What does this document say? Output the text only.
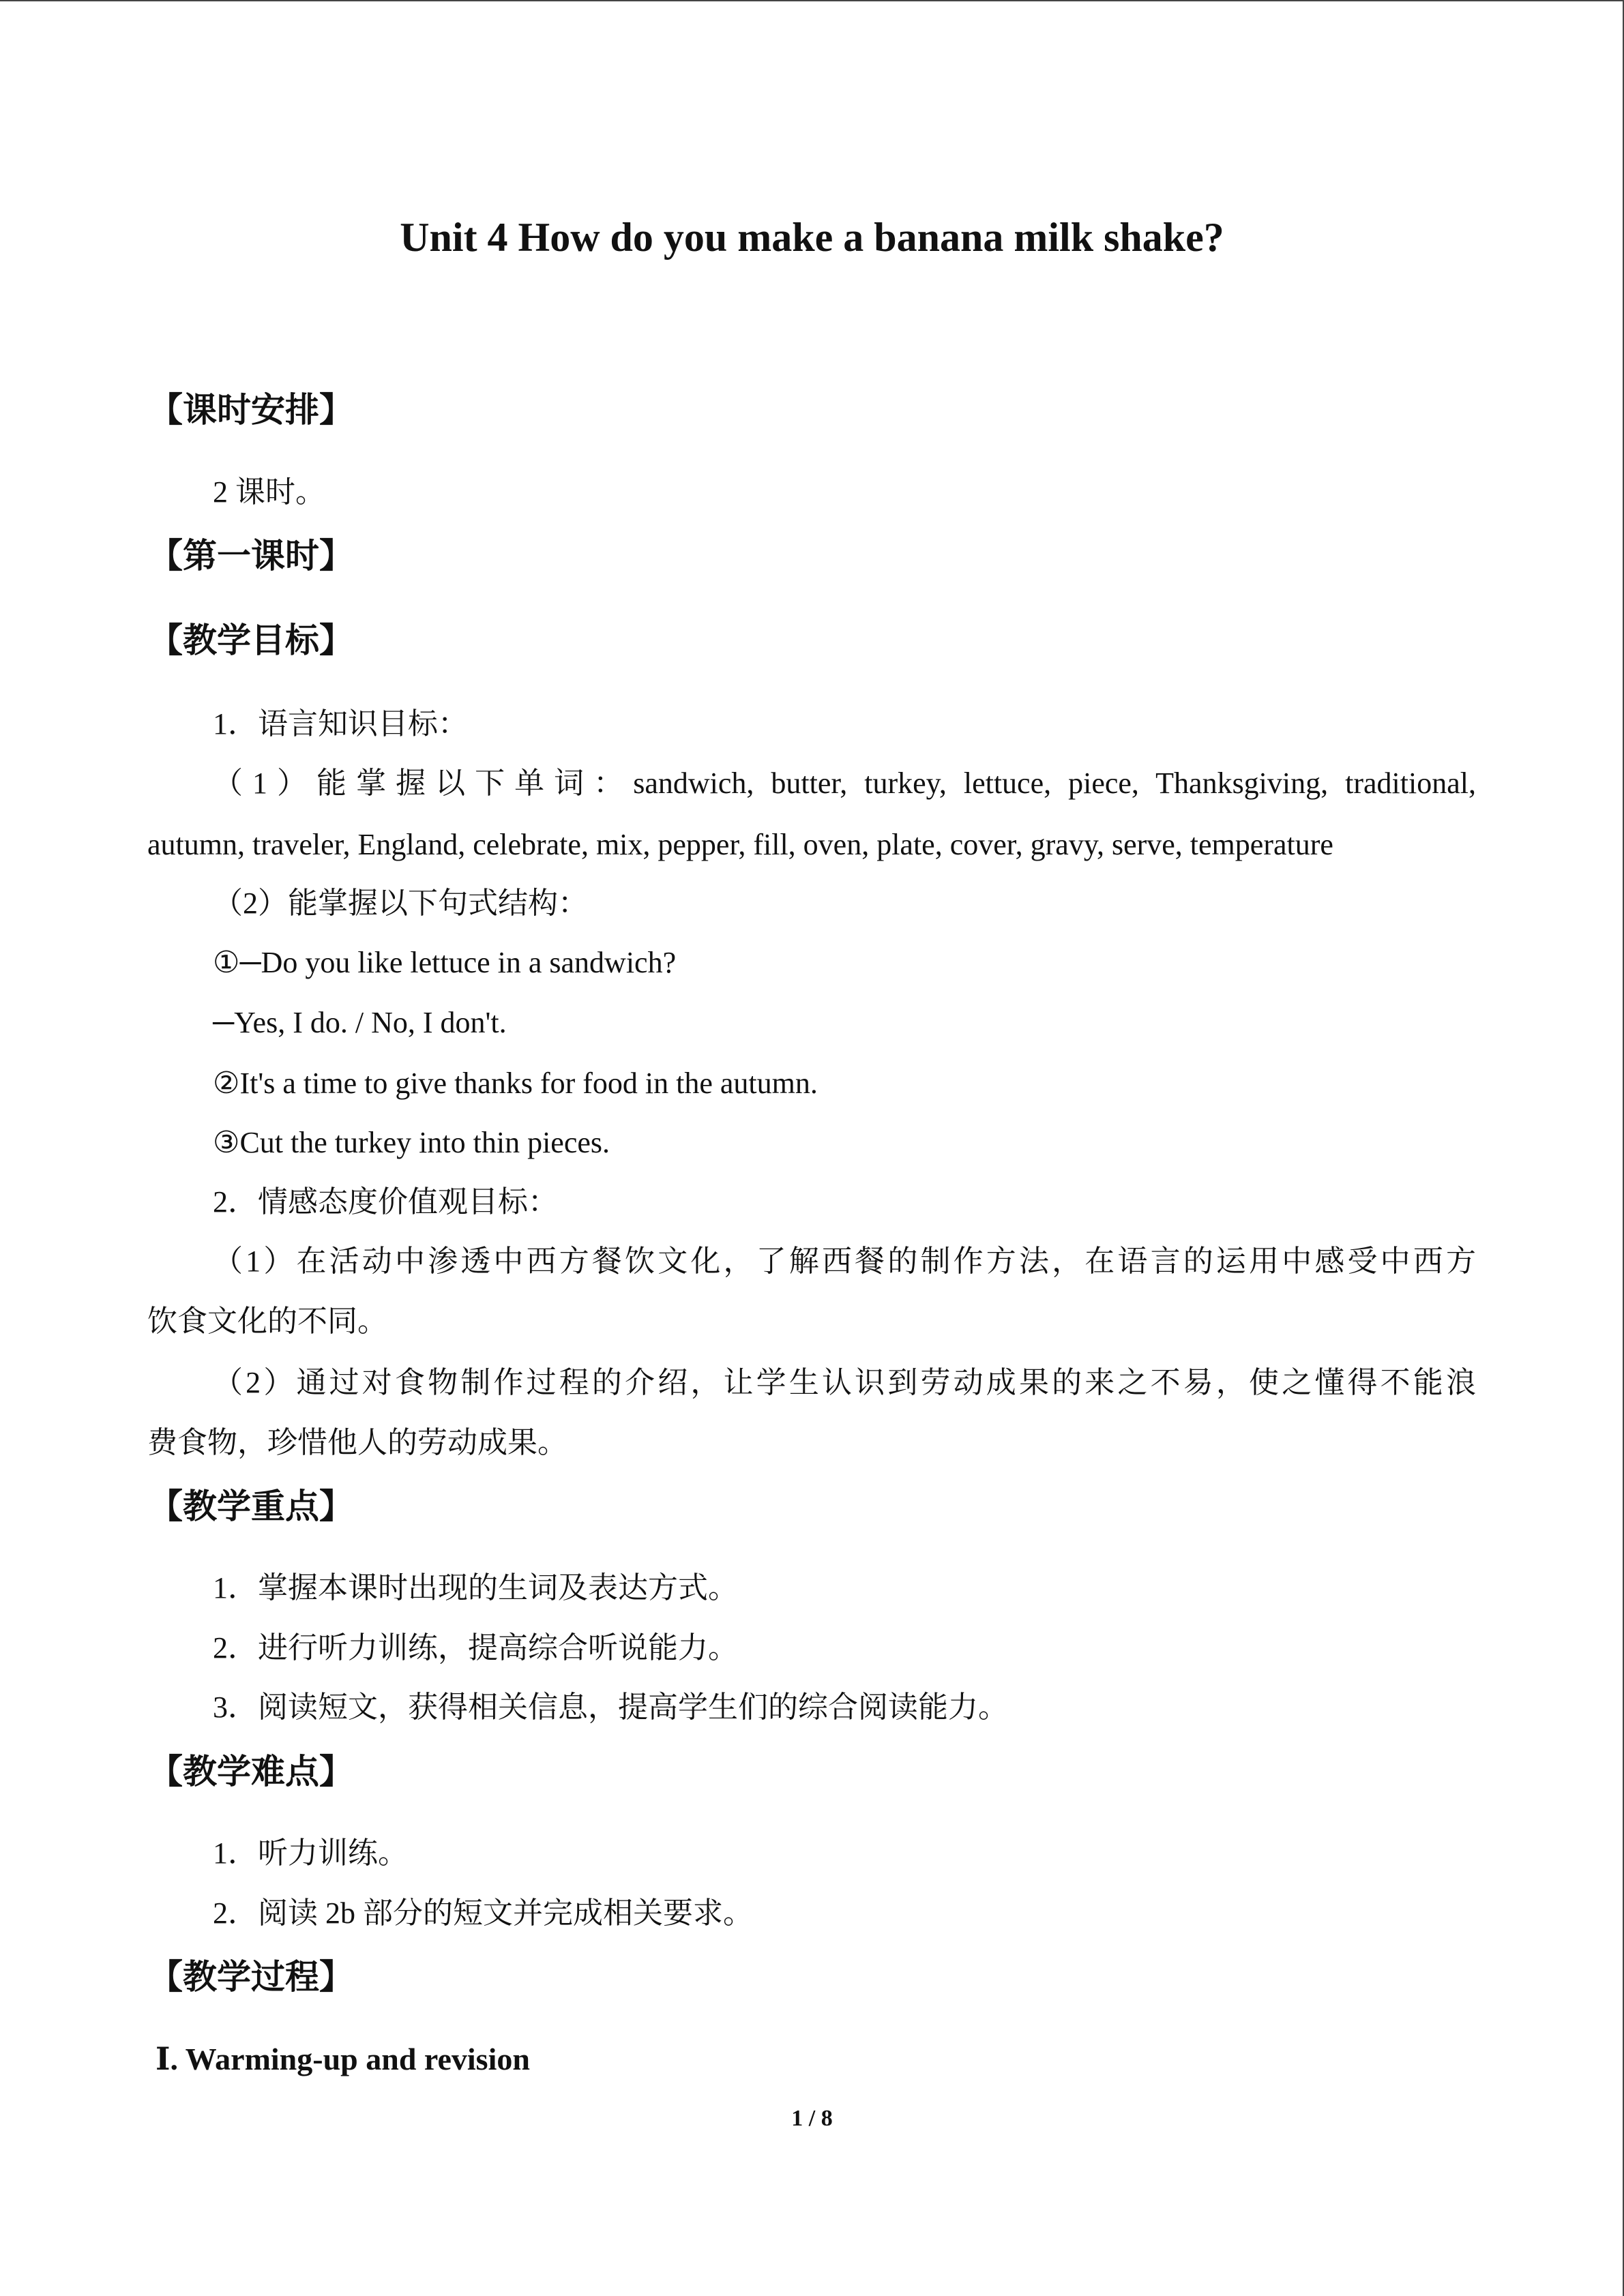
Unit 4 How do you make a banana milk shake?
【课时安排】
2 课时。
【第一课时】
【教学目标】
1．语言知识目标：
（1）能掌握以下单词：sandwich, butter, turkey, lettuce, piece, Thanksgiving, traditional,
autumn, traveler, England, celebrate, mix, pepper, fill, oven, plate, cover, gravy, serve, temperature
（2）能掌握以下句式结构：
①─Do you like lettuce in a sandwich?
─Yes, I do. / No, I don't.
②It's a time to give thanks for food in the autumn.
③Cut the turkey into thin pieces.
2．情感态度价值观目标：
（1）在活动中渗透中西方餐饮文化，了解西餐的制作方法，在语言的运用中感受中西方
饮食文化的不同。
（2）通过对食物制作过程的介绍，让学生认识到劳动成果的来之不易，使之懂得不能浪
费食物，珍惜他人的劳动成果。
【教学重点】
1．掌握本课时出现的生词及表达方式。
2．进行听力训练，提高综合听说能力。
3．阅读短文，获得相关信息，提高学生们的综合阅读能力。
【教学难点】
1．听力训练。
2．阅读 2b 部分的短文并完成相关要求。
【教学过程】
Ⅰ. Warming-up and revision
1 / 8
